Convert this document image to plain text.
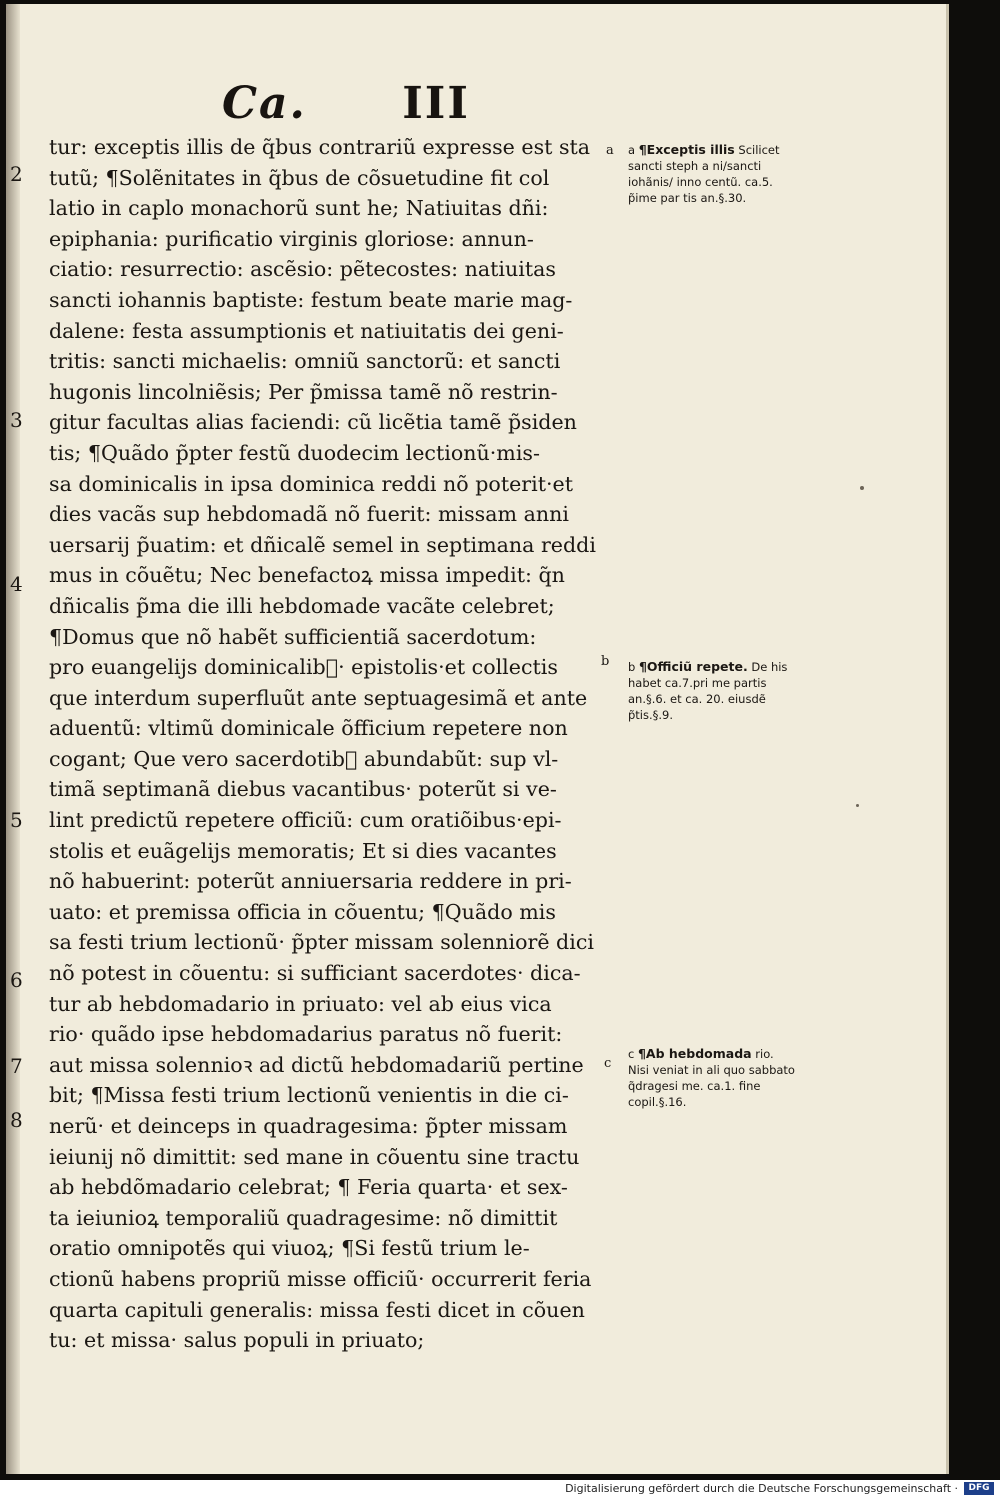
Ca. III
2
3
4
5
6
7
8
tur: exceptis illis de q̃bus contrariũ expresse est sta
tutũ; ¶Solẽnitates in q̃bus de cõsuetudine fit col
latio in caplo monachorũ sunt he; Natiuitas dñi:
epiphania: purificatio virginis gloriose: annun-
ciatio: resurrectio: ascẽsio: pẽtecostes: natiuitas
sancti iohannis baptiste: festum beate marie mag-
dalene: festa assumptionis et natiuitatis dei geni-
tritis: sancti michaelis: omniũ sanctorũ: et sancti
hugonis lincolniẽsis; Per p̃missa tamẽ nõ restrin-
gitur facultas alias faciendi: cũ licẽtia tamẽ p̃siden
tis; ¶Quãdo p̃pter festũ duodecim lectionũ·mis-
sa dominicalis in ipsa dominica reddi nõ poterit·et
dies vacãs sup hebdomadã nõ fuerit: missam anni
uersarij p̃uatim: et dñicalẽ semel in septimana reddi
mus in cõuẽtu; Nec benefactoꝝ missa impedit: q̃n
dñicalis p̃ma die illi hebdomade vacãte celebret;
¶Domus que nõ habẽt sufficientiã sacerdotum:
pro euangelijs dominicalib᷒· epistolis·et collectis
que interdum superfluũt ante septuagesimã et ante
aduentũ: vltimũ dominicale õfficium repetere non
cogant; Que vero sacerdotib᷒ abundabũt: sup vl-
timã septimanã diebus vacantibus· poterũt si ve-
lint predictũ repetere officiũ: cum oratiõibus·epi-
stolis et euãgelijs memoratis; Et si dies vacantes
nõ habuerint: poterũt anniuersaria reddere in pri-
uato: et premissa officia in cõuentu; ¶Quãdo mis
sa festi trium lectionũ· p̃pter missam solenniorẽ dici
nõ potest in cõuentu: si sufficiant sacerdotes· dica-
tur ab hebdomadario in priuato: vel ab eius vica
rio· quãdo ipse hebdomadarius paratus nõ fuerit:
aut missa solennioꝛ ad dictũ hebdomadariũ pertine
bit; ¶Missa festi trium lectionũ venientis in die ci-
nerũ· et deinceps in quadragesima: p̃pter missam
ieiunij nõ dimittit: sed mane in cõuentu sine tractu
ab hebdõmadario celebrat; ¶ Feria quarta· et sex-
ta ieiunioꝝ temporaliũ quadragesime: nõ dimittit
oratio omnipotẽs qui viuoꝝ; ¶Si festũ trium le-
ctionũ habens propriũ misse officiũ· occurrerit feria
quarta capituli generalis: missa festi dicet in cõuen
tu: et missa· salus populi in priuato;
a
b
c
a ¶Exceptis illis Scilicet sancti steph a ni/sancti iohãnis/ inno centũ. ca.5. p̃ime par tis an.§.30.
b ¶Officiũ repete. De his habet ca.7.pri me partis an.§.6. et ca. 20. eiusdẽ p̃tis.§.9.
c ¶Ab hebdomada rio. Nisi veniat in ali quo sabbato q̃dragesi me. ca.1. fine copil.§.16.
Digitalisierung gefördert durch die Deutsche Forschungsgemeinschaft ·	DFG
